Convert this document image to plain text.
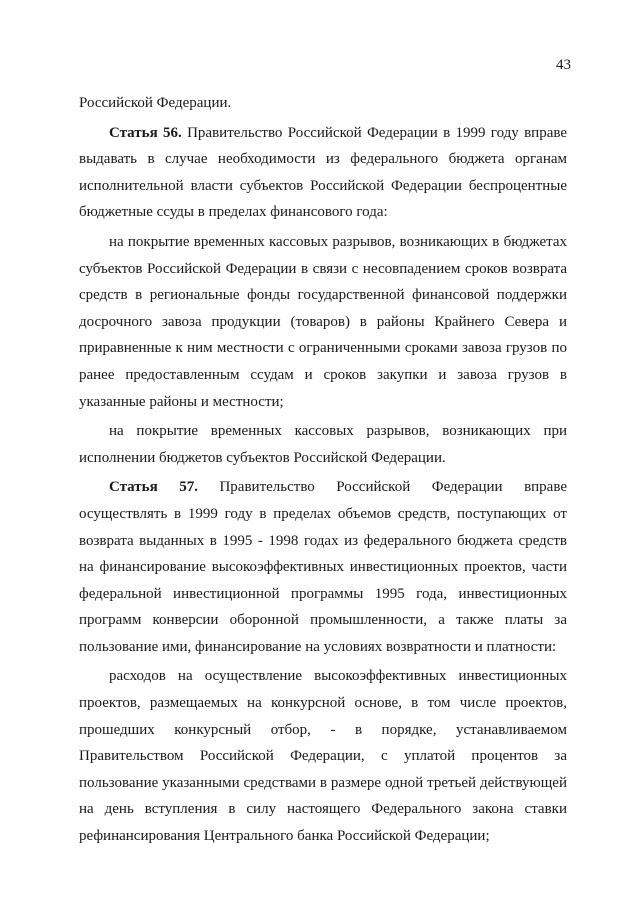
43

Российской Федерации.

Статья 56. Правительство Российской Федерации в 1999 году вправе выдавать в случае необходимости из федерального бюджета органам исполнительной власти субъектов Российской Федерации беспроцентные бюджетные ссуды в пределах финансового года:

на покрытие временных кассовых разрывов, возникающих в бюджетах субъектов Российской Федерации в связи с несовпадением сроков возврата средств в региональные фонды государственной финансовой поддержки досрочного завоза продукции (товаров) в районы Крайнего Севера и приравненные к ним местности с ограниченными сроками завоза грузов по ранее предоставленным ссудам и сроков закупки и завоза грузов в указанные районы и местности;

на покрытие временных кассовых разрывов, возникающих при исполнении бюджетов субъектов Российской Федерации.

Статья 57. Правительство Российской Федерации вправе осуществлять в 1999 году в пределах объемов средств, поступающих от возврата выданных в 1995 - 1998 годах из федерального бюджета средств на финансирование высокоэффективных инвестиционных проектов, части федеральной инвестиционной программы 1995 года, инвестиционных программ конверсии оборонной промышленности, а также платы за пользование ими, финансирование на условиях возвратности и платности:

расходов на осуществление высокоэффективных инвестиционных проектов, размещаемых на конкурсной основе, в том числе проектов, прошедших конкурсный отбор, - в порядке, устанавливаемом Правительством Российской Федерации, с уплатой процентов за пользование указанными средствами в размере одной третьей действующей на день вступления в силу настоящего Федерального закона ставки рефинансирования Центрального банка Российской Федерации;
